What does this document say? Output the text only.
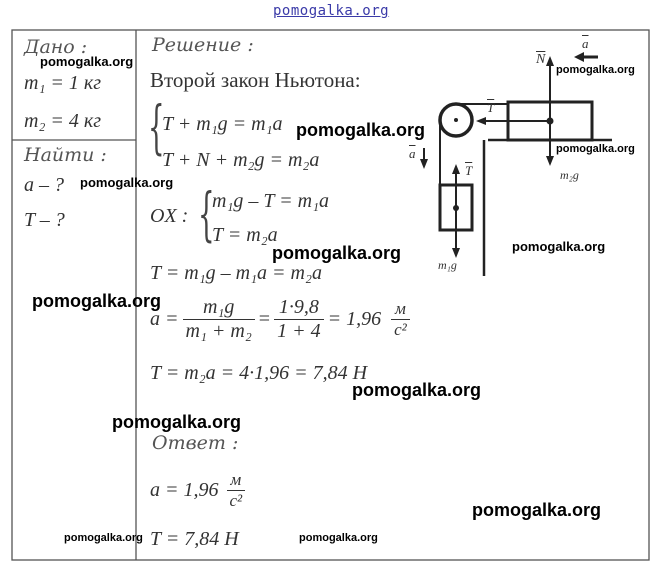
pomogalka.org
Дано :
m₁ = 1 кг
m₂ = 4 кг
Найти :
a – ?
T – ?
Решение :
Второй закон Ньютона:
{
T + m₁g = m₁a
T + N + m₂g = m₂a
OX : {
m₁g – T = m₁a
T = m₂a
T = m₁g – m₁a = m₂a
$a = \frac{\text{m₁g}}{\text{m₁ + m₂}} = \frac{1\cdot 9,8}{1 + 4} = 1,96 \frac{м}{\text{с²}}$
T = m₂a = 4·1,96 = 7,84 Н
Ответ :
$a = 1,96 \frac{м}{\text{с²}}$
T = 7,84 Н
$\overline{a}$
$\overline{N}$
$\overline{T}$
$\overline{a}$
$\overline{T}$	m₂g
m₁g
pomogalka.org
pomogalka.org
pomogalka.org
pomogalka.org
pomogalka.org
pomogalka.org
pomogalka.org
pomogalka.org
pomogalka.org
pomogalka.org
pomogalka.org
pomogalka.org	pomogalka.org
